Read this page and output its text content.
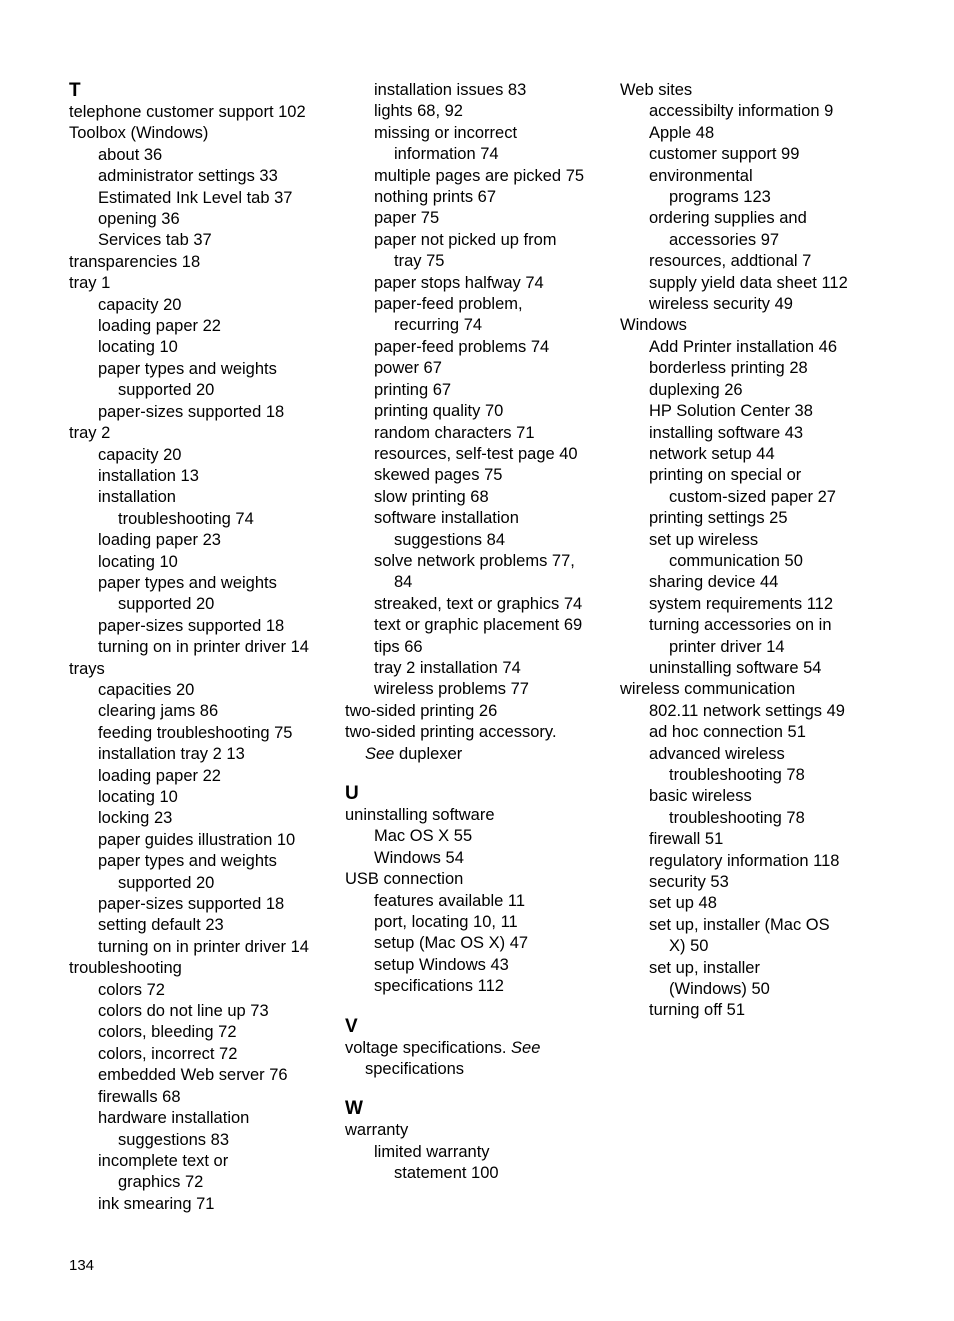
T
telephone customer support 102
Toolbox (Windows)
about 36
administrator settings 33
Estimated Ink Level tab 37
opening 36
Services tab 37
transparencies 18
tray 1
capacity 20
loading paper 22
locating 10
paper types and weights
supported 20
paper-sizes supported 18
tray 2
capacity 20
installation 13
installation
troubleshooting 74
loading paper 23
locating 10
paper types and weights
supported 20
paper-sizes supported 18
turning on in printer driver 14
trays
capacities 20
clearing jams 86
feeding troubleshooting 75
installation tray 2 13
loading paper 22
locating 10
locking 23
paper guides illustration 10
paper types and weights
supported 20
paper-sizes supported 18
setting default 23
turning on in printer driver 14
troubleshooting
colors 72
colors do not line up 73
colors, bleeding 72
colors, incorrect 72
embedded Web server 76
firewalls 68
hardware installation
suggestions 83
incomplete text or
graphics 72
ink smearing 71
installation issues 83
lights 68, 92
missing or incorrect
information 74
multiple pages are picked 75
nothing prints 67
paper 75
paper not picked up from
tray 75
paper stops halfway 74
paper-feed problem,
recurring 74
paper-feed problems 74
power 67
printing 67
printing quality 70
random characters 71
resources, self-test page 40
skewed pages 75
slow printing 68
software installation
suggestions 84
solve network problems 77,
84
streaked, text or graphics 74
text or graphic placement 69
tips 66
tray 2 installation 74
wireless problems 77
two-sided printing 26
two-sided printing accessory.
See duplexer
U
uninstalling software
Mac OS X 55
Windows 54
USB connection
features available 11
port, locating 10, 11
setup (Mac OS X) 47
setup Windows 43
specifications 112
V
voltage specifications. See
specifications
W
warranty
limited warranty
statement 100
Web sites
accessibilty information 9
Apple 48
customer support 99
environmental
programs 123
ordering supplies and
accessories 97
resources, addtional 7
supply yield data sheet 112
wireless security 49
Windows
Add Printer installation 46
borderless printing 28
duplexing 26
HP Solution Center 38
installing software 43
network setup 44
printing on special or
custom-sized paper 27
printing settings 25
set up wireless
communication 50
sharing device 44
system requirements 112
turning accessories on in
printer driver 14
uninstalling software 54
wireless communication
802.11 network settings 49
ad hoc connection 51
advanced wireless
troubleshooting 78
basic wireless
troubleshooting 78
firewall 51
regulatory information 118
security 53
set up 48
set up, installer (Mac OS
X) 50
set up, installer
(Windows) 50
turning off 51
134
